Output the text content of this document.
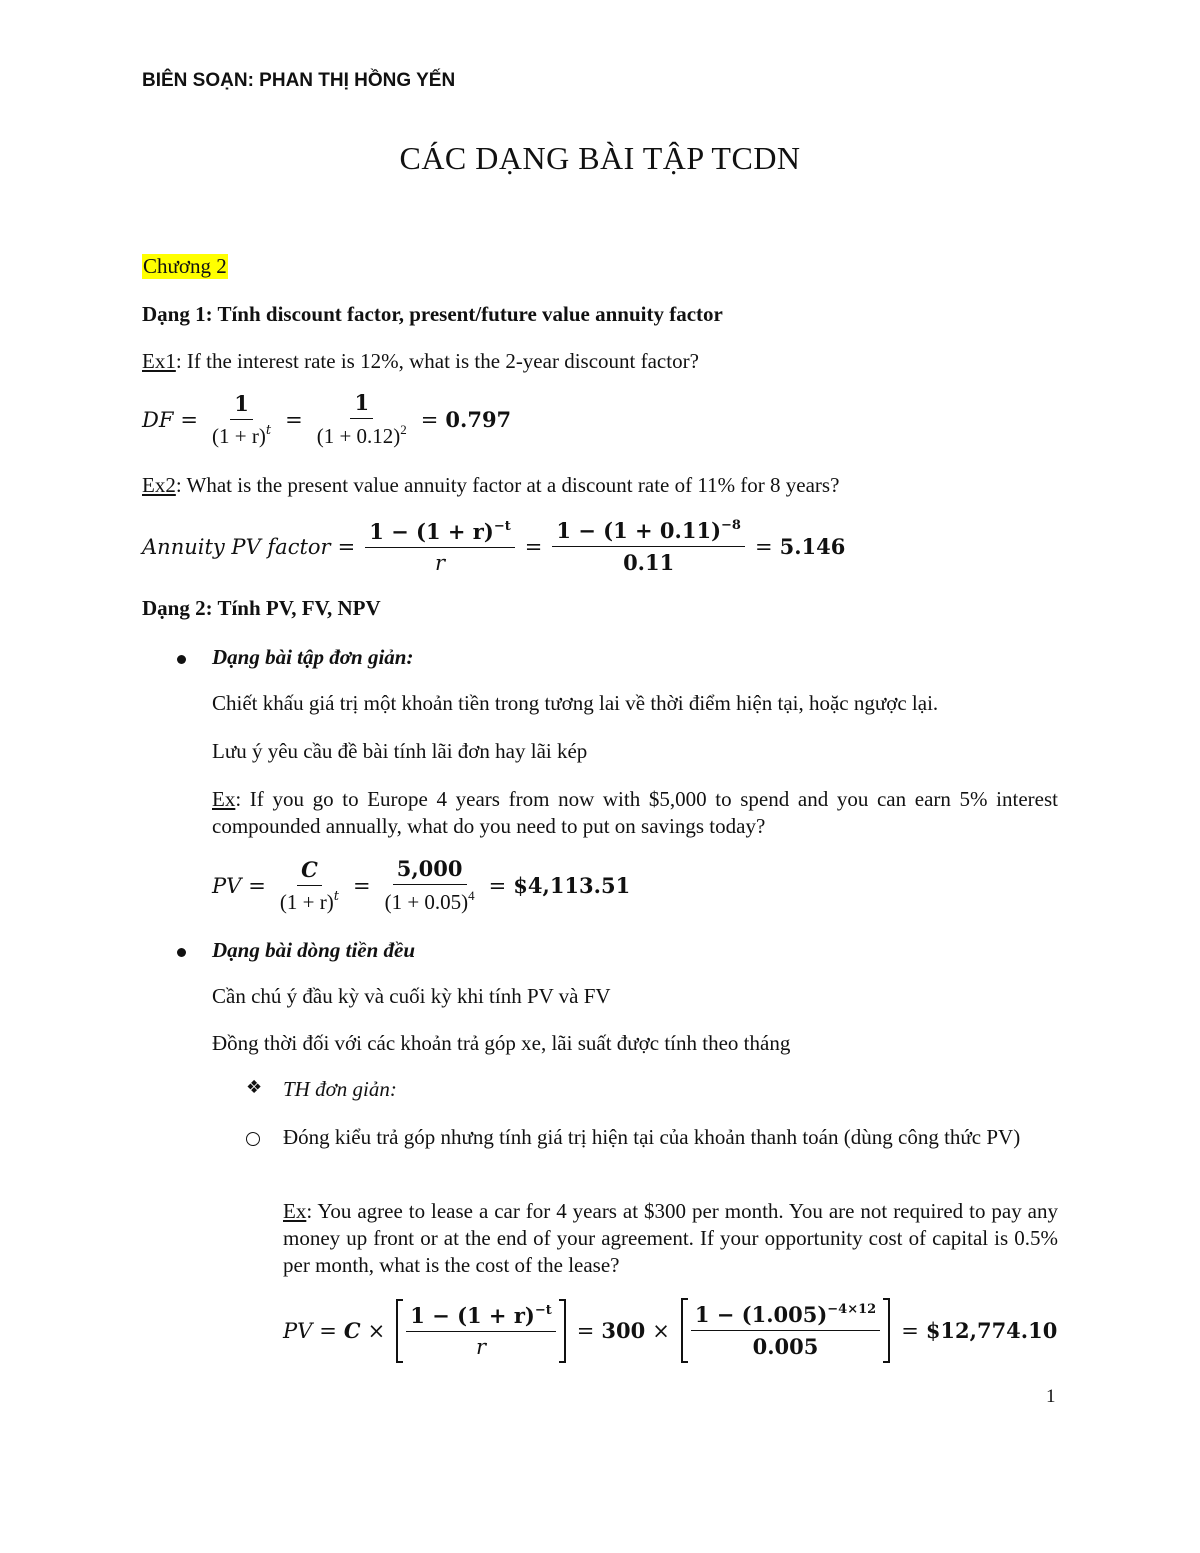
BIÊN SOẠN: PHAN THỊ HỒNG YẾN
CÁC DẠNG BÀI TẬP TCDN
Chương 2
Dạng 1: Tính discount factor, present/future value annuity factor
Ex1: If the interest rate is 12%, what is the 2-year discount factor?
DF = $\frac{1}{(1 + r)^t} = \frac{1}{(1 + 0.12)^2} = 0.797$
Ex2: What is the present value annuity factor at a discount rate of 11% for 8 years?
Annuity PV factor = $\frac{1 - (1 + r)^{-t}}{r} = \frac{1 - (1 + 0.11)^{-8}}{0.11} = 5.146$
Dạng 2: Tính PV, FV, NPV
Dạng bài tập đơn giản:
Chiết khấu giá trị một khoản tiền trong tương lai về thời điểm hiện tại, hoặc ngược lại.
Lưu ý yêu cầu đề bài tính lãi đơn hay lãi kép
Ex: If you go to Europe 4 years from now with $5,000 to spend and you can earn 5% interest compounded annually, what do you need to put on savings today?
PV = $\frac{C}{(1 + r)^t} = \frac{5,000}{(1 + 0.05)^4}$ = $4,113.51
Dạng bài dòng tiền đều
Cần chú ý đầu kỳ và cuối kỳ khi tính PV và FV
Đồng thời đối với các khoản trả góp xe, lãi suất được tính theo tháng
❖ TH đơn giản:
Đóng kiểu trả góp nhưng tính giá trị hiện tại của khoản thanh toán (dùng công thức PV)
Ex: You agree to lease a car for 4 years at $300 per month. You are not required to pay any money up front or at the end of your agreement. If your opportunity cost of capital is 0.5% per month, what is the cost of the lease?
PV = $C \times \frac{1 - (1 + r)^{-t}}{r} = 300 \times \frac{1 - (1.005)^{-4\times 12}}{0.005}$ = $12,774.10
1
